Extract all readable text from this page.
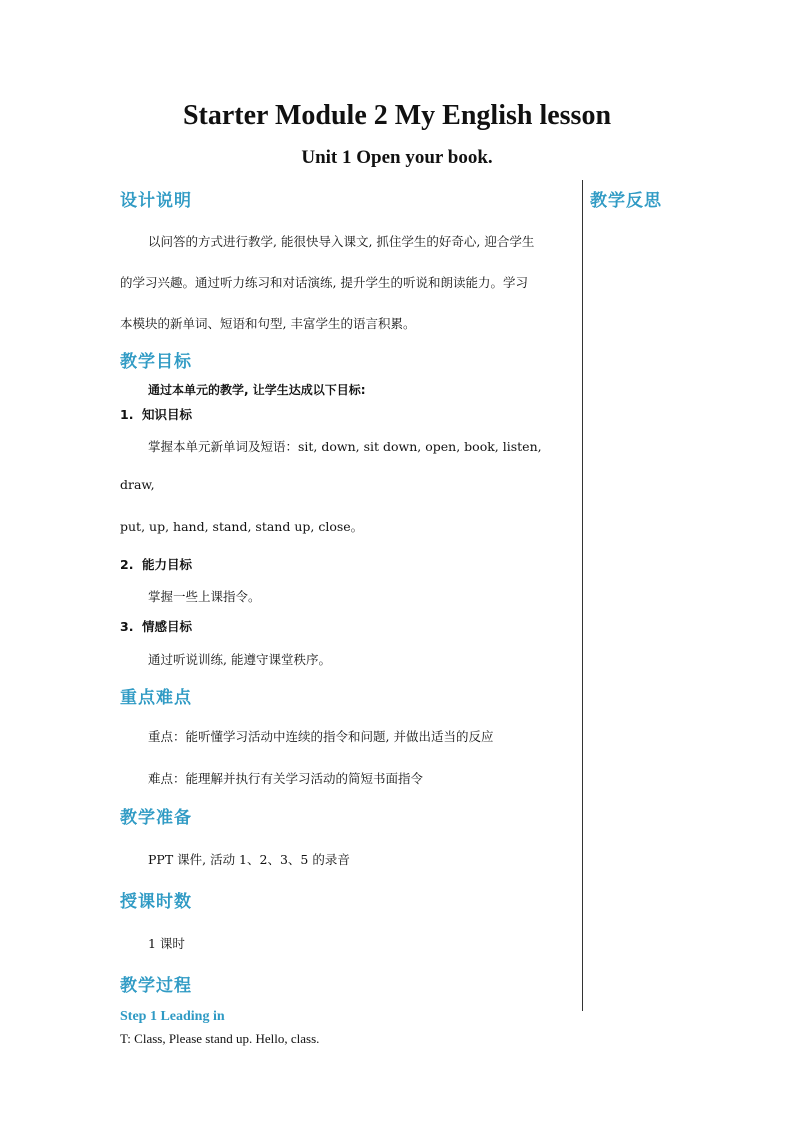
Starter Module 2 My English lesson
Unit 1 Open your book.
教学反思
设计说明

以问答的方式进行教学, 能很快导入课文, 抓住学生的好奇心, 迎合学生

的学习兴趣。通过听力练习和对话演练, 提升学生的听说和朗读能力。学习

本模块的新单词、短语和句型, 丰富学生的语言积累。

教学目标
通过本单元的教学, 让学生达成以下目标:
1. 知识目标

掌握本单元新单词及短语：sit, down, sit down, open, book, listen, draw,

put, up, hand, stand, stand up, close。

2. 能力目标

掌握一些上课指令。

3. 情感目标

通过听说训练, 能遵守课堂秩序。

重点难点

重点：能听懂学习活动中连续的指令和问题, 并做出适当的反应

难点：能理解并执行有关学习活动的简短书面指令

教学准备

PPT 课件, 活动 1、2、3、5 的录音

授课时数

1 课时

教学过程
Step 1 Leading in
T: Class, Please stand up. Hello, class.
